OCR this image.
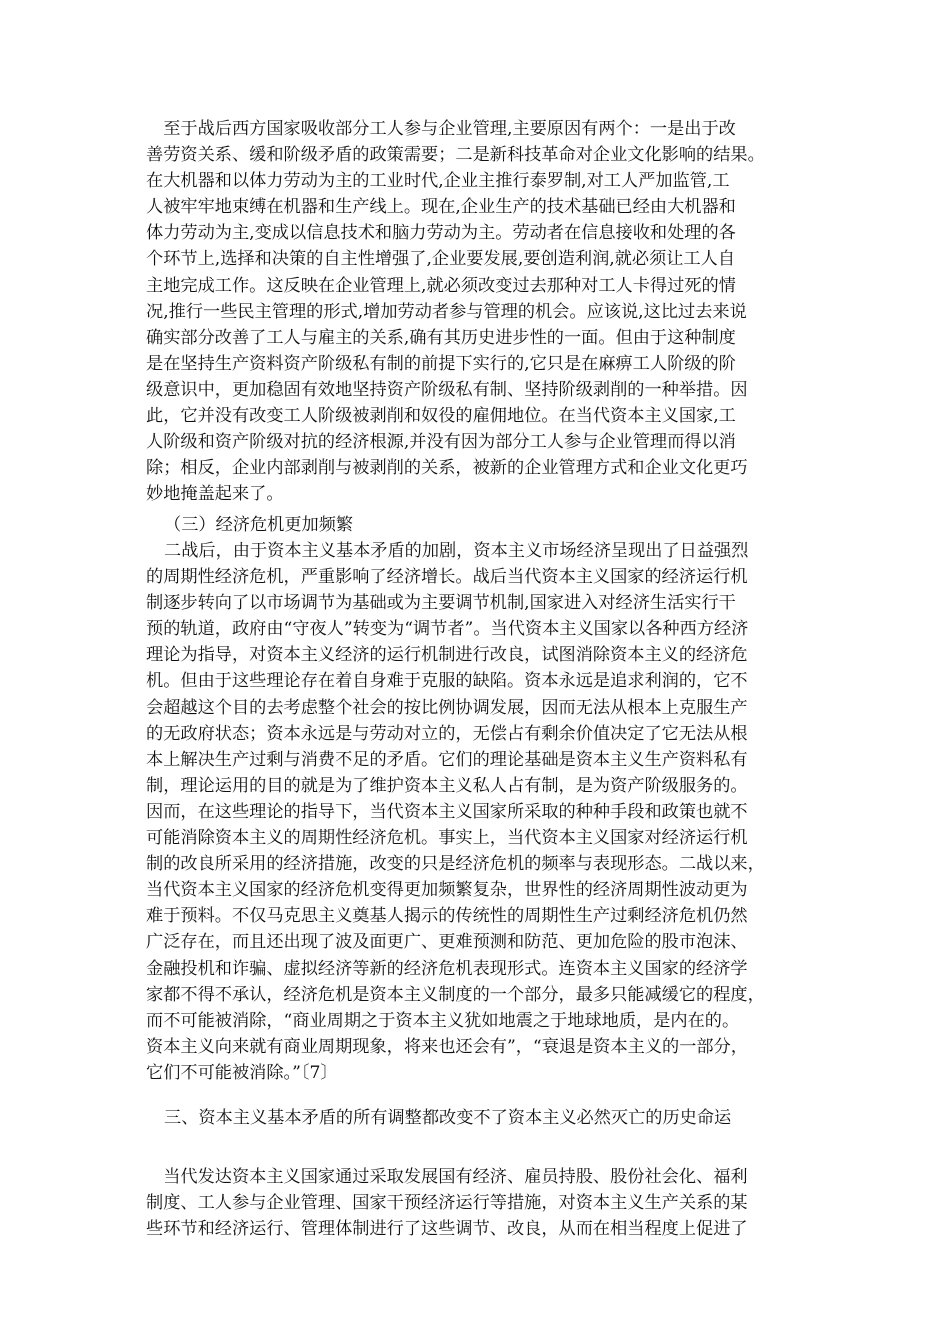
　至于战后西方国家吸收部分工人参与企业管理,主要原因有两个：一是出于改
善劳资关系、缓和阶级矛盾的政策需要；二是新科技革命对企业文化影响的结果。
在大机器和以体力劳动为主的工业时代,企业主推行泰罗制,对工人严加监管,工
人被牢牢地束缚在机器和生产线上。现在,企业生产的技术基础已经由大机器和
体力劳动为主,变成以信息技术和脑力劳动为主。劳动者在信息接收和处理的各
个环节上,选择和决策的自主性增强了,企业要发展,要创造利润,就必须让工人自
主地完成工作。这反映在企业管理上,就必须改变过去那种对工人卡得过死的情
况,推行一些民主管理的形式,增加劳动者参与管理的机会。应该说,这比过去来说
确实部分改善了工人与雇主的关系,确有其历史进步性的一面。但由于这种制度
是在坚持生产资料资产阶级私有制的前提下实行的,它只是在麻痹工人阶级的阶
级意识中，更加稳固有效地坚持资产阶级私有制、坚持阶级剥削的一种举措。因
此，它并没有改变工人阶级被剥削和奴役的雇佣地位。在当代资本主义国家,工
人阶级和资产阶级对抗的经济根源,并没有因为部分工人参与企业管理而得以消
除；相反，企业内部剥削与被剥削的关系，被新的企业管理方式和企业文化更巧
妙地掩盖起来了。
（三）经济危机更加频繁
二战后，由于资本主义基本矛盾的加剧，资本主义市场经济呈现出了日益强烈
的周期性经济危机，严重影响了经济增长。战后当代资本主义国家的经济运行机
制逐步转向了以市场调节为基础或为主要调节机制,国家进入对经济生活实行干
预的轨道，政府由“守夜人”转变为“调节者”。当代资本主义国家以各种西方经济
理论为指导，对资本主义经济的运行机制进行改良，试图消除资本主义的经济危
机。但由于这些理论存在着自身难于克服的缺陷。资本永远是追求利润的，它不
会超越这个目的去考虑整个社会的按比例协调发展，因而无法从根本上克服生产
的无政府状态；资本永远是与劳动对立的，无偿占有剩余价值决定了它无法从根
本上解决生产过剩与消费不足的矛盾。它们的理论基础是资本主义生产资料私有
制，理论运用的目的就是为了维护资本主义私人占有制，是为资产阶级服务的。
因而，在这些理论的指导下，当代资本主义国家所采取的种种手段和政策也就不
可能消除资本主义的周期性经济危机。事实上，当代资本主义国家对经济运行机
制的改良所采用的经济措施，改变的只是经济危机的频率与表现形态。二战以来，
当代资本主义国家的经济危机变得更加频繁复杂，世界性的经济周期性波动更为
难于预料。不仅马克思主义奠基人揭示的传统性的周期性生产过剩经济危机仍然
广泛存在，而且还出现了波及面更广、更难预测和防范、更加危险的股市泡沫、
金融投机和诈骗、虚拟经济等新的经济危机表现形式。连资本主义国家的经济学
家都不得不承认，经济危机是资本主义制度的一个部分，最多只能减缓它的程度，
而不可能被消除，“商业周期之于资本主义犹如地震之于地球地质，是内在的。
资本主义向来就有商业周期现象，将来也还会有”，“衰退是资本主义的一部分，
它们不可能被消除。”〔7〕
三、资本主义基本矛盾的所有调整都改变不了资本主义必然灭亡的历史命运
　当代发达资本主义国家通过采取发展国有经济、雇员持股、股份社会化、福利
制度、工人参与企业管理、国家干预经济运行等措施，对资本主义生产关系的某
些环节和经济运行、管理体制进行了这些调节、改良，从而在相当程度上促进了
